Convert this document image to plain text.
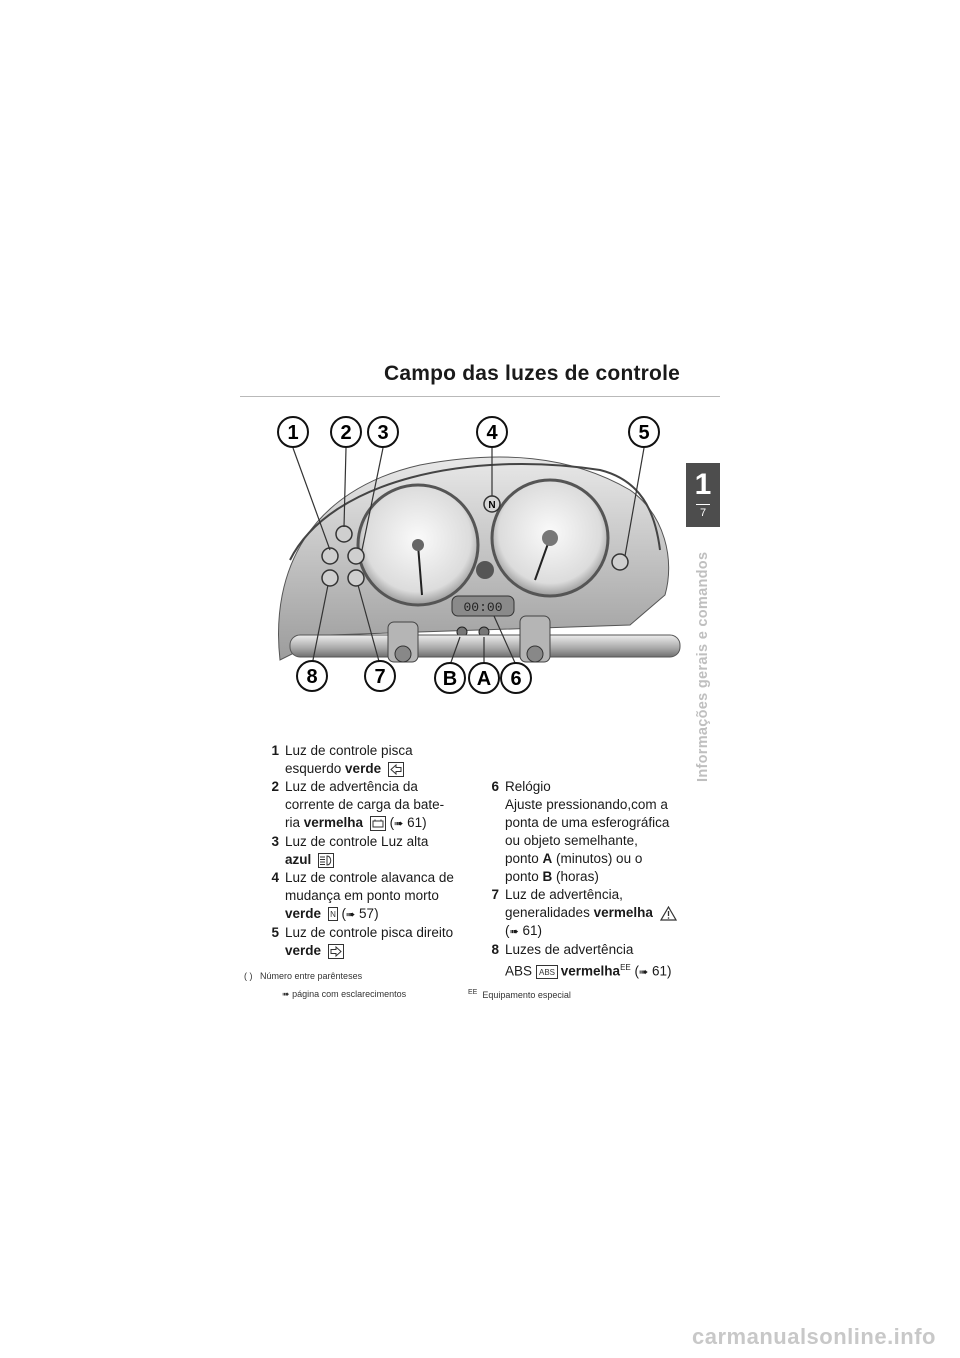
Campo das luzes de controle
1
7
Informações gerais e comandos
N
00:00
1 2 3	4	5
8	7	B A 6
1 Luz de controle pisca
esquerdo verde
2 Luz de advertência da
corrente de carga da bate-
ria vermelha  (➠ 61)
3 Luz de controle Luz alta
azul
4 Luz de controle alavanca de
mudança em ponto morto
verde N (➠ 57)
5 Luz de controle pisca direito
verde
6 Relógio
Ajuste pressionando,com a
ponta de uma esferográfica
ou objeto semelhante,
ponto A (minutos) ou o
ponto B (horas)
7 Luz de advertência,
generalidades vermelha
(➠ 61)
8 Luzes de advertência
ABS ABS vermelha$^{EE}$ (➠ 61)
( ) Número entre parênteses
➠ página com esclarecimentos	$^{EE}$ Equipamento especial
carmanualsonline.info
